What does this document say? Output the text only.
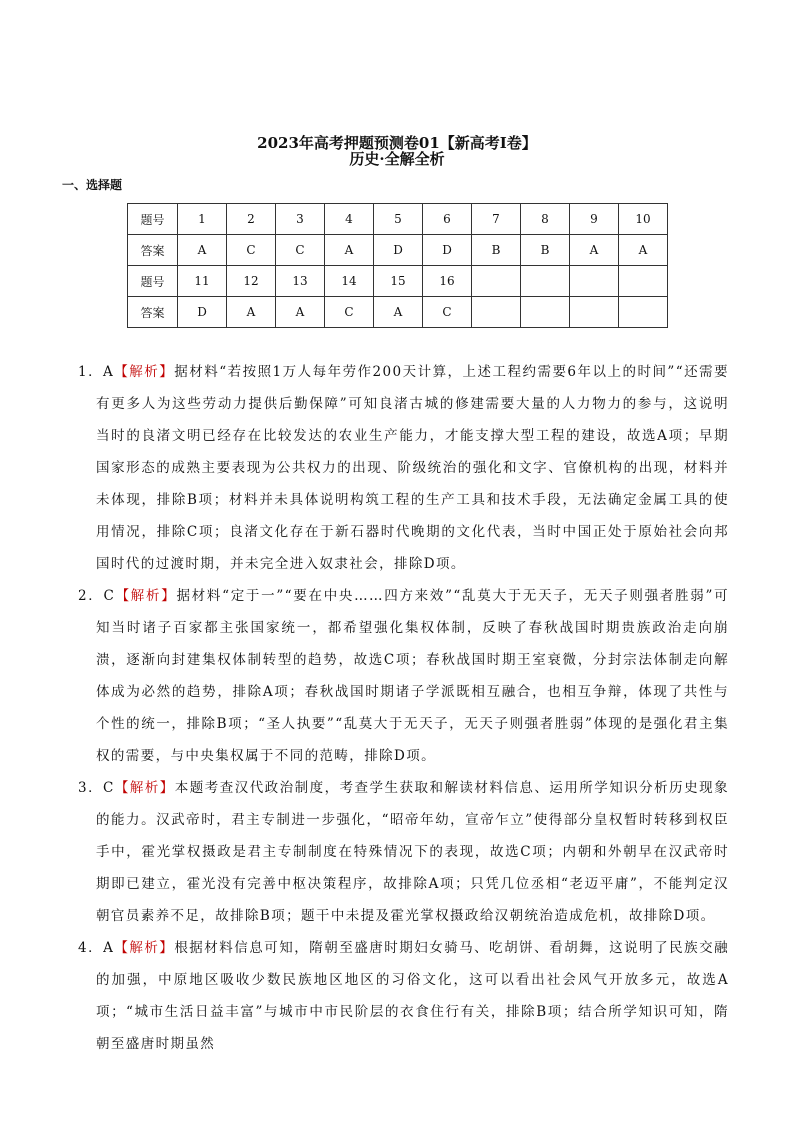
2023年高考押题预测卷01【新高考I卷】
历史·全解全析
一、选择题
题号	1	2	3	4	5	6	7	8	9	10
答案	A	C	C	A	D	D	B	B	A	A
题号	11	12	13	14	15	16				
答案	D	A	A	C	A	C				

1．A【解析】据材料“若按照1万人每年劳作200天计算，上述工程约需要6年以上的时间”“还需要有更多人为这些劳动力提供后勤保障”可知良渚古城的修建需要大量的人力物力的参与，这说明当时的良渚文明已经存在比较发达的农业生产能力，才能支撑大型工程的建设，故选A项；早期国家形态的成熟主要表现为公共权力的出现、阶级统治的强化和文字、官僚机构的出现，材料并未体现，排除B项；材料并未具体说明构筑工程的生产工具和技术手段，无法确定金属工具的使用情况，排除C项；良渚文化存在于新石器时代晚期的文化代表，当时中国正处于原始社会向邦国时代的过渡时期，并未完全进入奴隶社会，排除D项。

2．C【解析】据材料“定于一”“要在中央……四方来效”“乱莫大于无天子，无天子则强者胜弱”可知当时诸子百家都主张国家统一，都希望强化集权体制，反映了春秋战国时期贵族政治走向崩溃，逐渐向封建集权体制转型的趋势，故选C项；春秋战国时期王室衰微，分封宗法体制走向解体成为必然的趋势，排除A项；春秋战国时期诸子学派既相互融合，也相互争辩，体现了共性与个性的统一，排除B项；“圣人执要”“乱莫大于无天子，无天子则强者胜弱”体现的是强化君主集权的需要，与中央集权属于不同的范畴，排除D项。

3．C【解析】本题考查汉代政治制度，考查学生获取和解读材料信息、运用所学知识分析历史现象的能力。汉武帝时，君主专制进一步强化，“昭帝年幼，宣帝乍立”使得部分皇权暂时转移到权臣手中，霍光掌权摄政是君主专制制度在特殊情况下的表现，故选C项；内朝和外朝早在汉武帝时期即已建立，霍光没有完善中枢决策程序，故排除A项；只凭几位丞相“老迈平庸”，不能判定汉朝官员素养不足，故排除B项；题干中未提及霍光掌权摄政给汉朝统治造成危机，故排除D项。

4．A【解析】根据材料信息可知，隋朝至盛唐时期妇女骑马、吃胡饼、看胡舞，这说明了民族交融的加强，中原地区吸收少数民族地区地区的习俗文化，这可以看出社会风气开放多元，故选A项；“城市生活日益丰富”与城市中市民阶层的衣食住行有关，排除B项；结合所学知识可知，隋朝至盛唐时期虽然
